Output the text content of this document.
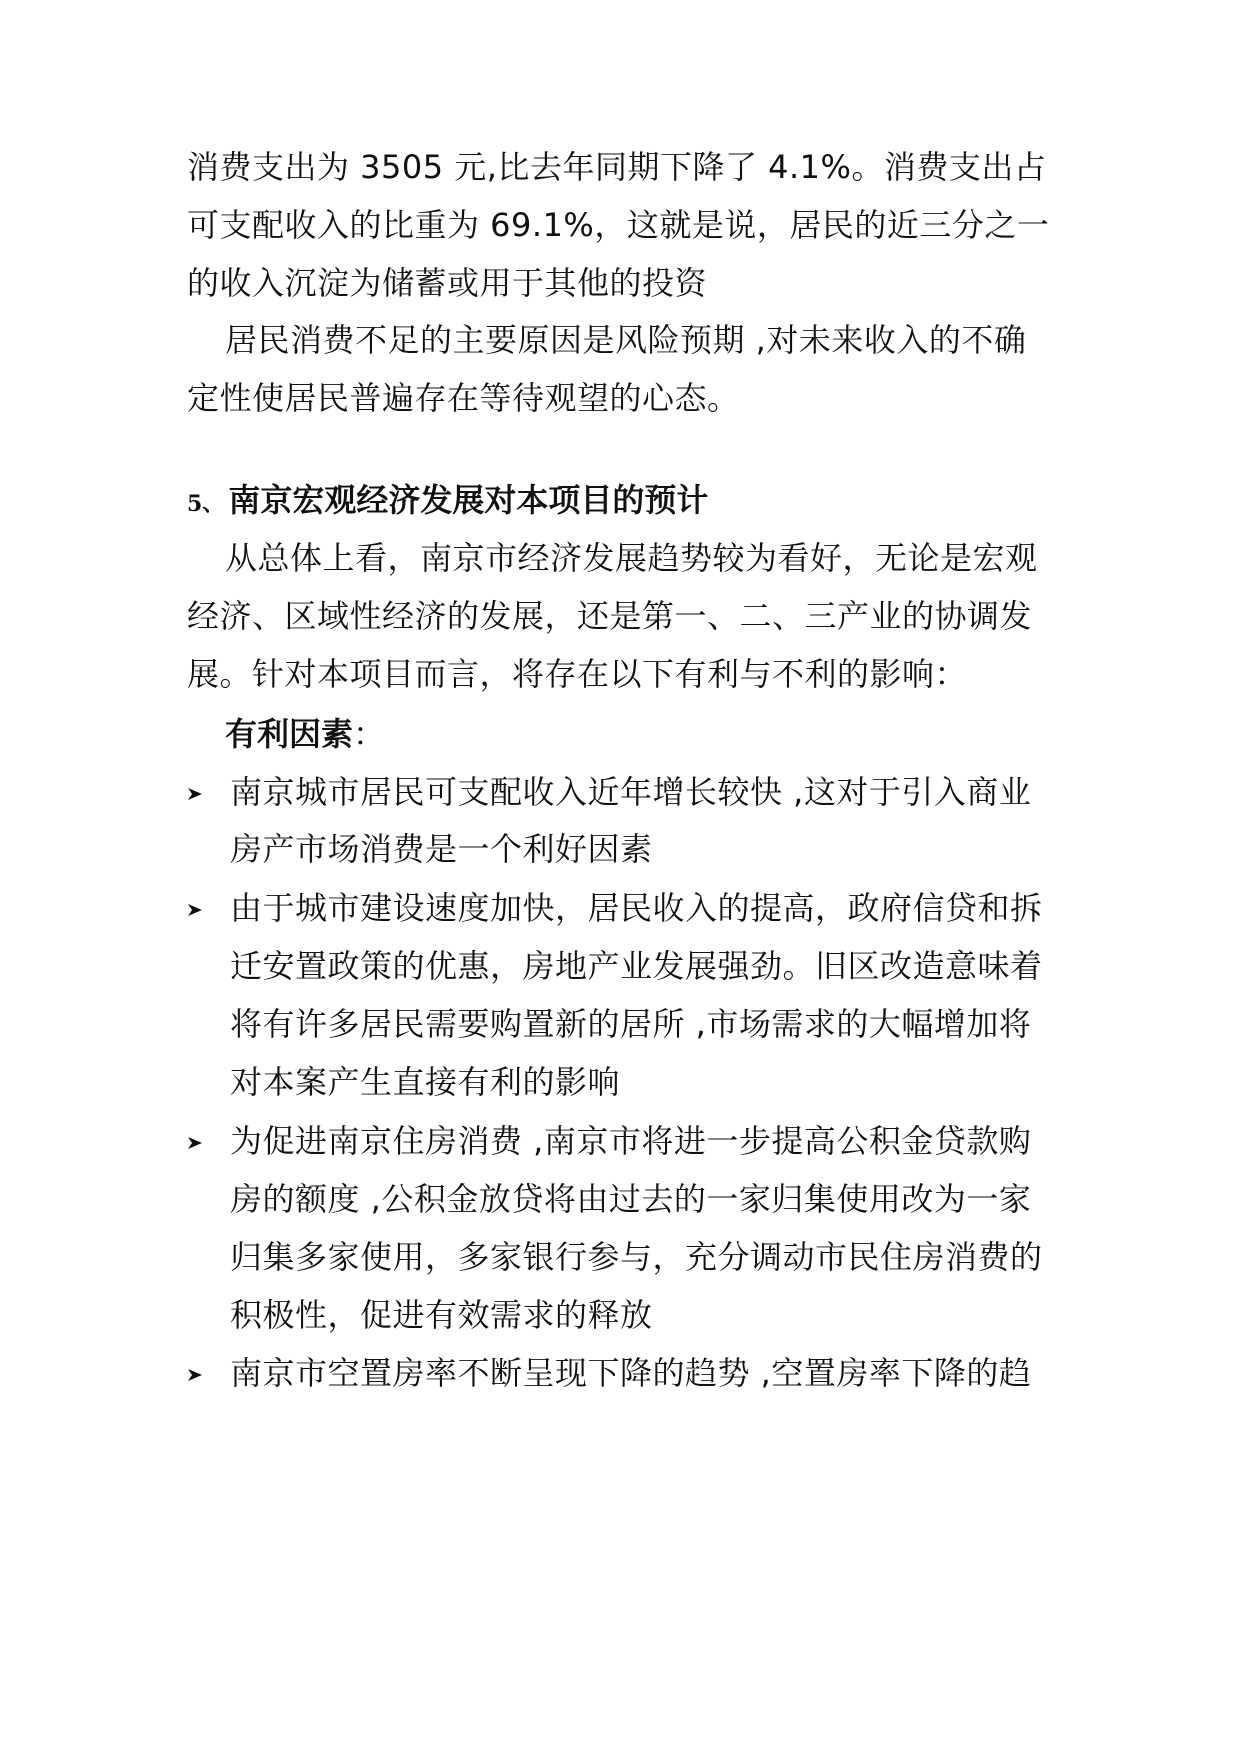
消费支出为 3505 元,比去年同期下降了 4.1%。消费支出占
可支配收入的比重为 69.1%，这就是说，居民的近三分之一
的收入沉淀为储蓄或用于其他的投资
居民消费不足的主要原因是风险预期 ,对未来收入的不确
定性使居民普遍存在等待观望的心态。
5、 南京宏观经济发展对本项目的预计
从总体上看，南京市经济发展趋势较为看好，无论是宏观
经济、区域性经济的发展，还是第一、二、三产业的协调发
展。针对本项目而言，将存在以下有利与不利的影响：
有利因素：
南京城市居民可支配收入近年增长较快 ,这对于引入商业
房产市场消费是一个利好因素
由于城市建设速度加快，居民收入的提高，政府信贷和拆
迁安置政策的优惠，房地产业发展强劲。旧区改造意味着
将有许多居民需要购置新的居所 ,市场需求的大幅增加将
对本案产生直接有利的影响
为促进南京住房消费 ,南京市将进一步提高公积金贷款购
房的额度 ,公积金放贷将由过去的一家归集使用改为一家
归集多家使用，多家银行参与，充分调动市民住房消费的
积极性，促进有效需求的释放
南京市空置房率不断呈现下降的趋势 ,空置房率下降的趋
